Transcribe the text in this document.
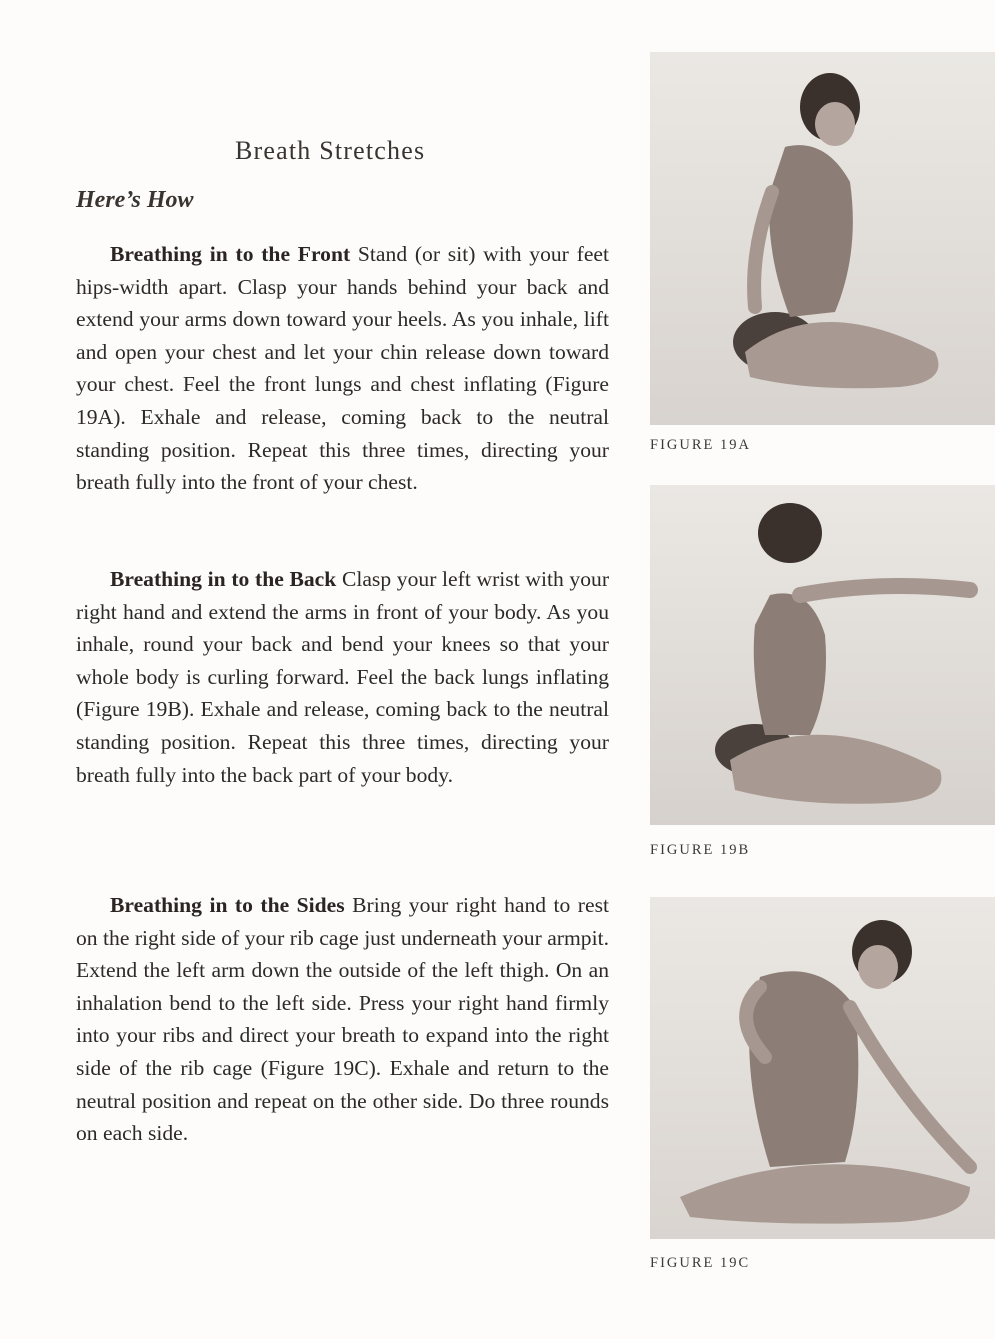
Breath Stretches
Here’s How

Breathing in to the Front Stand (or sit) with your feet hips-width apart. Clasp your hands behind your back and extend your arms down toward your heels. As you inhale, lift and open your chest and let your chin release down toward your chest. Feel the front lungs and chest inflating (Figure 19A). Exhale and release, coming back to the neutral standing position. Repeat this three times, directing your breath fully into the front of your chest.

Breathing in to the Back Clasp your left wrist with your right hand and extend the arms in front of your body. As you inhale, round your back and bend your knees so that your whole body is curling forward. Feel the back lungs inflating (Figure 19B). Exhale and release, coming back to the neutral standing position. Repeat this three times, directing your breath fully into the back part of your body.

Breathing in to the Sides Bring your right hand to rest on the right side of your rib cage just underneath your armpit. Extend the left arm down the outside of the left thigh. On an inhalation bend to the left side. Press your right hand firmly into your ribs and direct your breath to expand into the right side of the rib cage (Figure 19C). Exhale and return to the neutral position and repeat on the other side. Do three rounds on each side.

FIGURE 19A
FIGURE 19B
FIGURE 19C
